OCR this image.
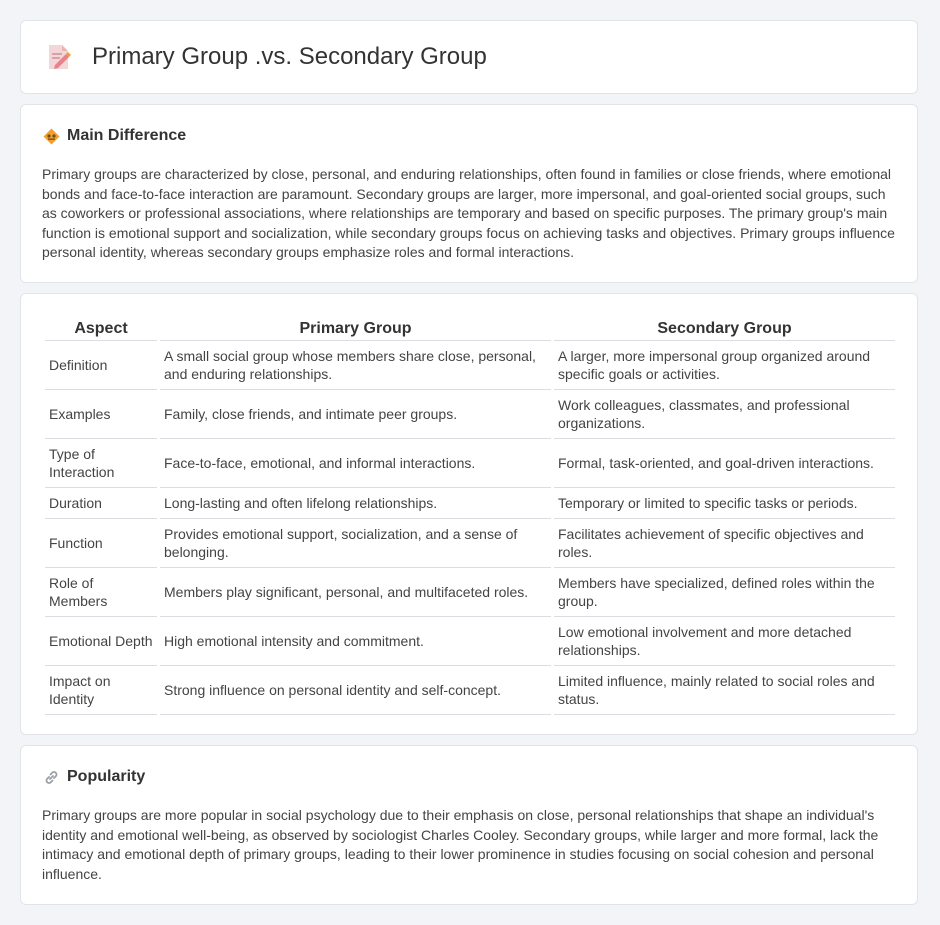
Primary Group .vs. Secondary Group
Main Difference
Primary groups are characterized by close, personal, and enduring relationships, often found in families or close friends, where emotional bonds and face-to-face interaction are paramount. Secondary groups are larger, more impersonal, and goal-oriented social groups, such as coworkers or professional associations, where relationships are temporary and based on specific purposes. The primary group's main function is emotional support and socialization, while secondary groups focus on achieving tasks and objectives. Primary groups influence personal identity, whereas secondary groups emphasize roles and formal interactions.
Aspect	Primary Group	Secondary Group
Definition	A small social group whose members share close, personal, and enduring relationships.	A larger, more impersonal group organized around specific goals or activities.
Examples	Family, close friends, and intimate peer groups.	Work colleagues, classmates, and professional organizations.
Type of Interaction	Face-to-face, emotional, and informal interactions.	Formal, task-oriented, and goal-driven interactions.
Duration	Long-lasting and often lifelong relationships.	Temporary or limited to specific tasks or periods.
Function	Provides emotional support, socialization, and a sense of belonging.	Facilitates achievement of specific objectives and roles.
Role of Members	Members play significant, personal, and multifaceted roles.	Members have specialized, defined roles within the group.
Emotional Depth	High emotional intensity and commitment.	Low emotional involvement and more detached relationships.
Impact on Identity	Strong influence on personal identity and self-concept.	Limited influence, mainly related to social roles and status.
Popularity
Primary groups are more popular in social psychology due to their emphasis on close, personal relationships that shape an individual's identity and emotional well-being, as observed by sociologist Charles Cooley. Secondary groups, while larger and more formal, lack the intimacy and emotional depth of primary groups, leading to their lower prominence in studies focusing on social cohesion and personal influence.
